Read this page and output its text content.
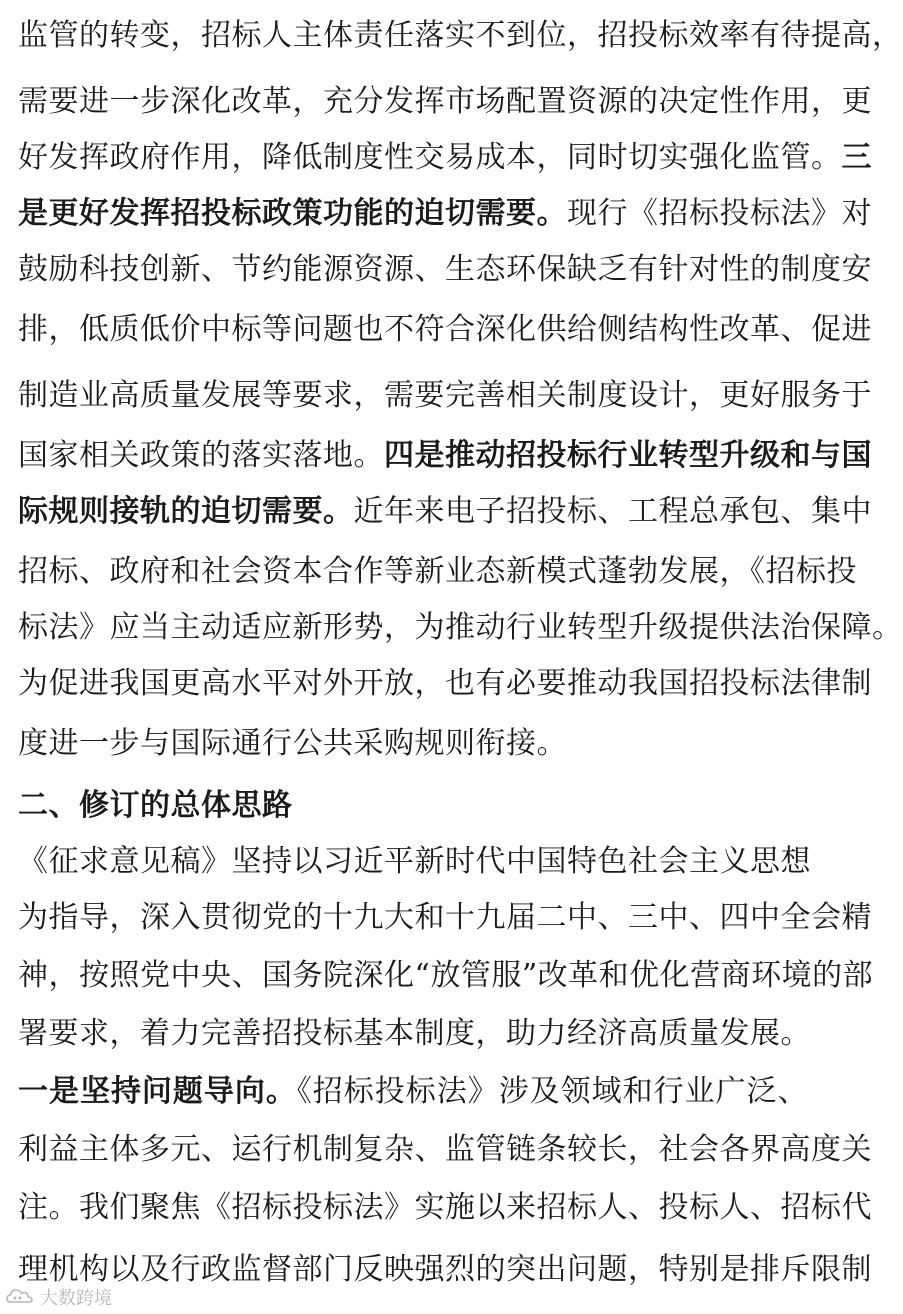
监管的转变，招标人主体责任落实不到位，招投标效率有待提高，
需要进一步深化改革，充分发挥市场配置资源的决定性作用，更
好发挥政府作用，降低制度性交易成本，同时切实强化监管。三
是更好发挥招投标政策功能的迫切需要。现行《招标投标法》对
鼓励科技创新、节约能源资源、生态环保缺乏有针对性的制度安
排，低质低价中标等问题也不符合深化供给侧结构性改革、促进
制造业高质量发展等要求，需要完善相关制度设计，更好服务于
国家相关政策的落实落地。四是推动招投标行业转型升级和与国
际规则接轨的迫切需要。近年来电子招投标、工程总承包、集中
招标、政府和社会资本合作等新业态新模式蓬勃发展，《招标投
标法》应当主动适应新形势，为推动行业转型升级提供法治保障。
为促进我国更高水平对外开放，也有必要推动我国招投标法律制
度进一步与国际通行公共采购规则衔接。
二、修订的总体思路
《征求意见稿》坚持以习近平新时代中国特色社会主义思想
为指导，深入贯彻党的十九大和十九届二中、三中、四中全会精
神，按照党中央、国务院深化“放管服”改革和优化营商环境的部
署要求，着力完善招投标基本制度，助力经济高质量发展。
一是坚持问题导向。《招标投标法》涉及领域和行业广泛、
利益主体多元、运行机制复杂、监管链条较长，社会各界高度关
注。我们聚焦《招标投标法》实施以来招标人、投标人、招标代
理机构以及行政监督部门反映强烈的突出问题，特别是排斥限制
大数跨境
